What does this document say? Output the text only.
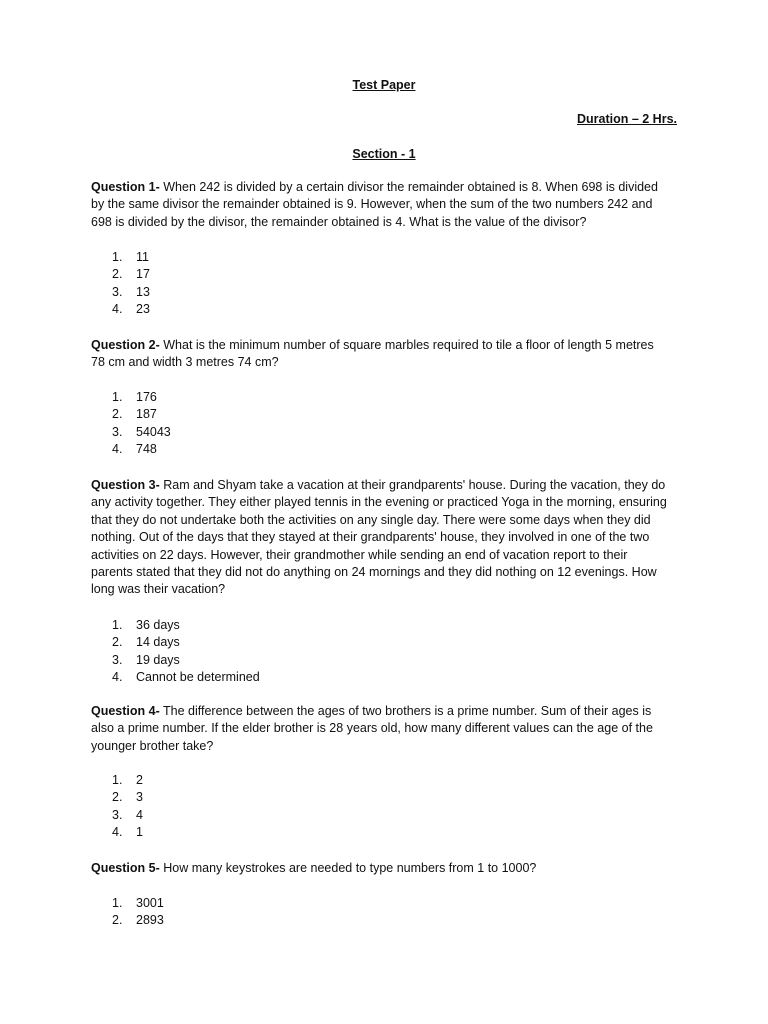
Test Paper
Duration – 2 Hrs.
Section - 1
Question 1- When 242 is divided by a certain divisor the remainder obtained is 8. When 698 is divided by the same divisor the remainder obtained is 9. However, when the sum of the two numbers 242 and 698 is divided by the divisor, the remainder obtained is 4. What is the value of the divisor?
1.	11
2.	17
3.	13
4.	23
Question 2- What is the minimum number of square marbles required to tile a floor of length 5 metres 78 cm and width 3 metres 74 cm?
1.	176
2.	187
3.	54043
4.	748
Question 3- Ram and Shyam take a vacation at their grandparents' house. During the vacation, they do any activity together. They either played tennis in the evening or practiced Yoga in the morning, ensuring that they do not undertake both the activities on any single day. There were some days when they did nothing. Out of the days that they stayed at their grandparents' house, they involved in one of the two activities on 22 days. However, their grandmother while sending an end of vacation report to their parents stated that they did not do anything on 24 mornings and they did nothing on 12 evenings. How long was their vacation?
1.	36 days
2.	14 days
3.	19 days
4.	Cannot be determined
Question 4- The difference between the ages of two brothers is a prime number. Sum of their ages is also a prime number. If the elder brother is 28 years old, how many different values can the age of the younger brother take?
1.	2
2.	3
3.	4
4.	1
Question 5- How many keystrokes are needed to type numbers from 1 to 1000?
1.	3001
2.	2893
